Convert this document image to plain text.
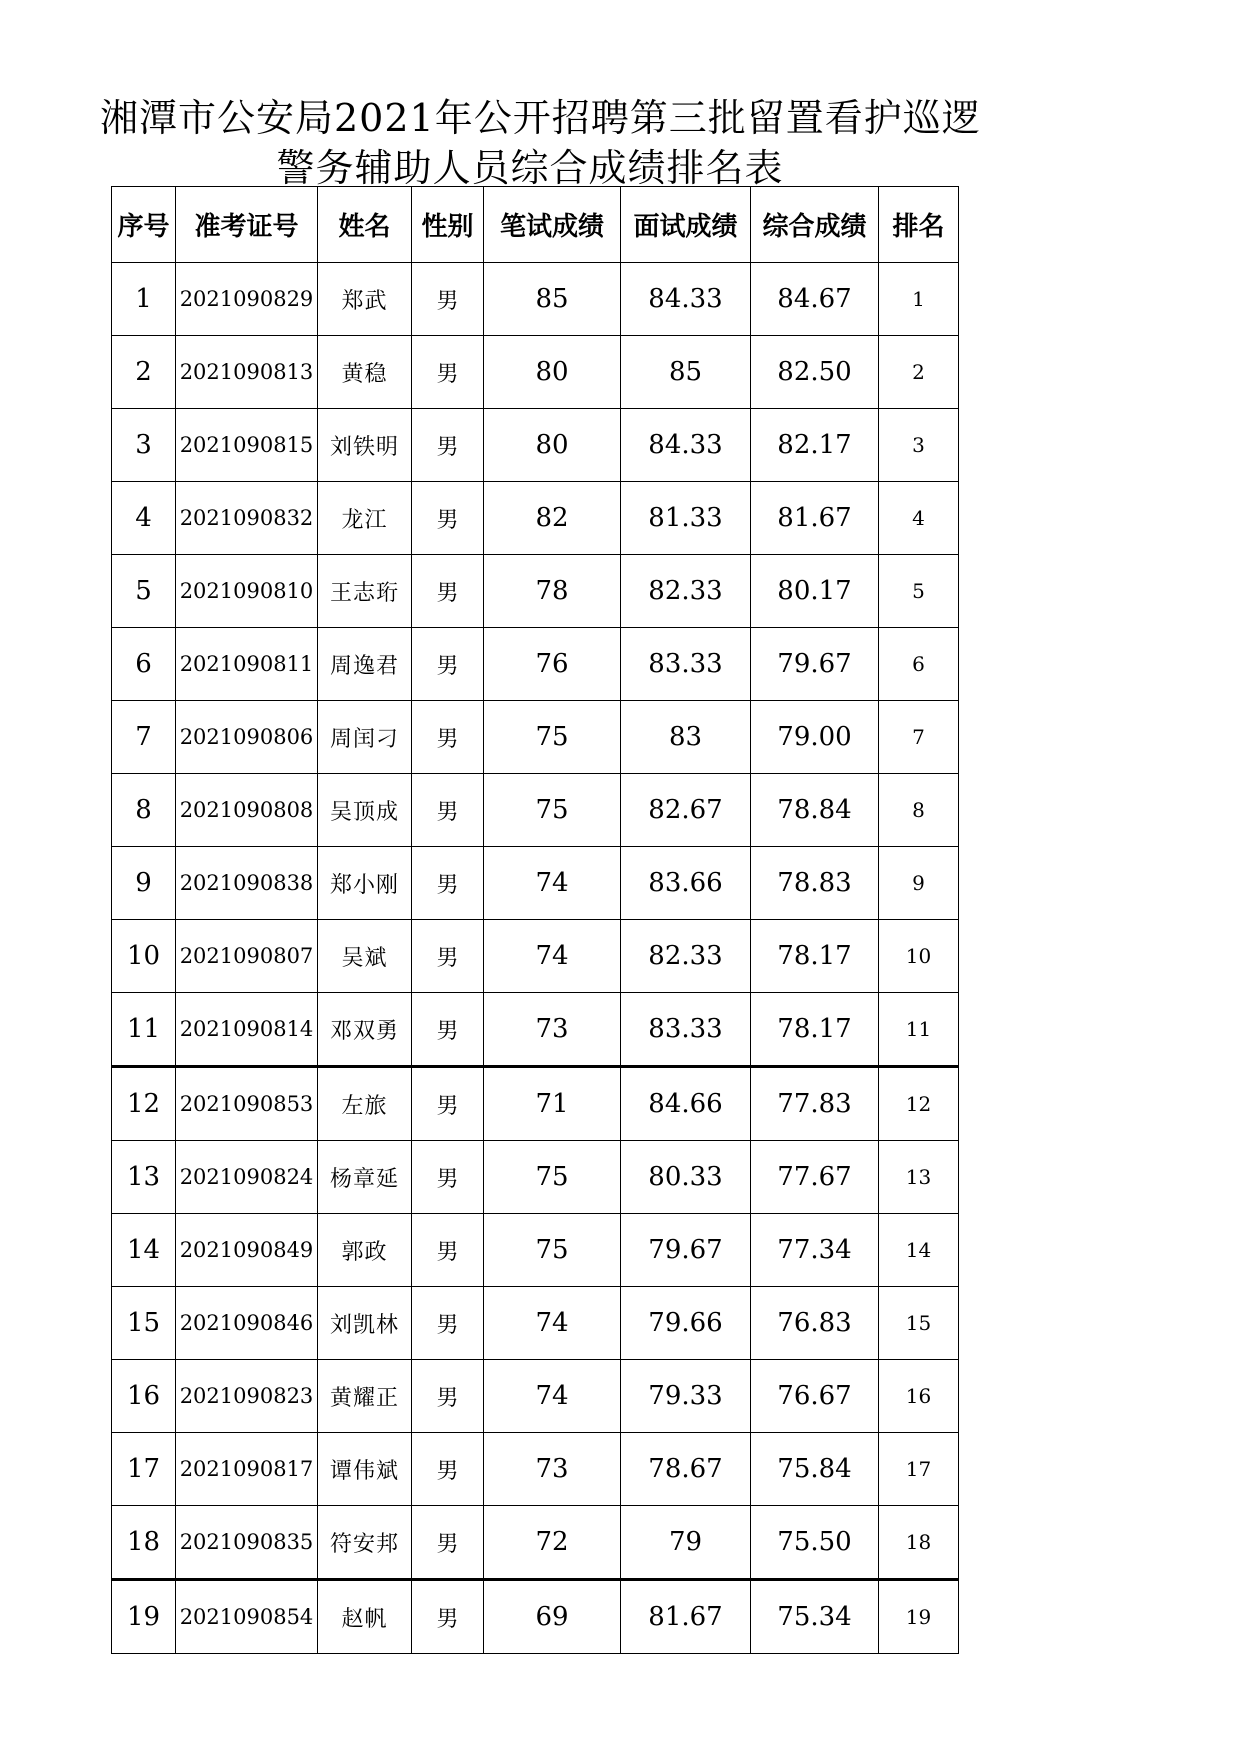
湘潭市公安局2021年公开招聘第三批留置看护巡逻
警务辅助人员综合成绩排名表
序号	准考证号	姓名	性别	笔试成绩	面试成绩	综合成绩	排名
1	2021090829	郑武	男	85	84.33	84.67	1
2	2021090813	黄稳	男	80	85	82.50	2
3	2021090815	刘铁明	男	80	84.33	82.17	3
4	2021090832	龙江	男	82	81.33	81.67	4
5	2021090810	王志珩	男	78	82.33	80.17	5
6	2021090811	周逸君	男	76	83.33	79.67	6
7	2021090806	周闰刁	男	75	83	79.00	7
8	2021090808	吴顶成	男	75	82.67	78.84	8
9	2021090838	郑小刚	男	74	83.66	78.83	9
10	2021090807	吴斌	男	74	82.33	78.17	10
11	2021090814	邓双勇	男	73	83.33	78.17	11
12	2021090853	左旅	男	71	84.66	77.83	12
13	2021090824	杨章延	男	75	80.33	77.67	13
14	2021090849	郭政	男	75	79.67	77.34	14
15	2021090846	刘凯林	男	74	79.66	76.83	15
16	2021090823	黄耀正	男	74	79.33	76.67	16
17	2021090817	谭伟斌	男	73	78.67	75.84	17
18	2021090835	符安邦	男	72	79	75.50	18
19	2021090854	赵帆	男	69	81.67	75.34	19
